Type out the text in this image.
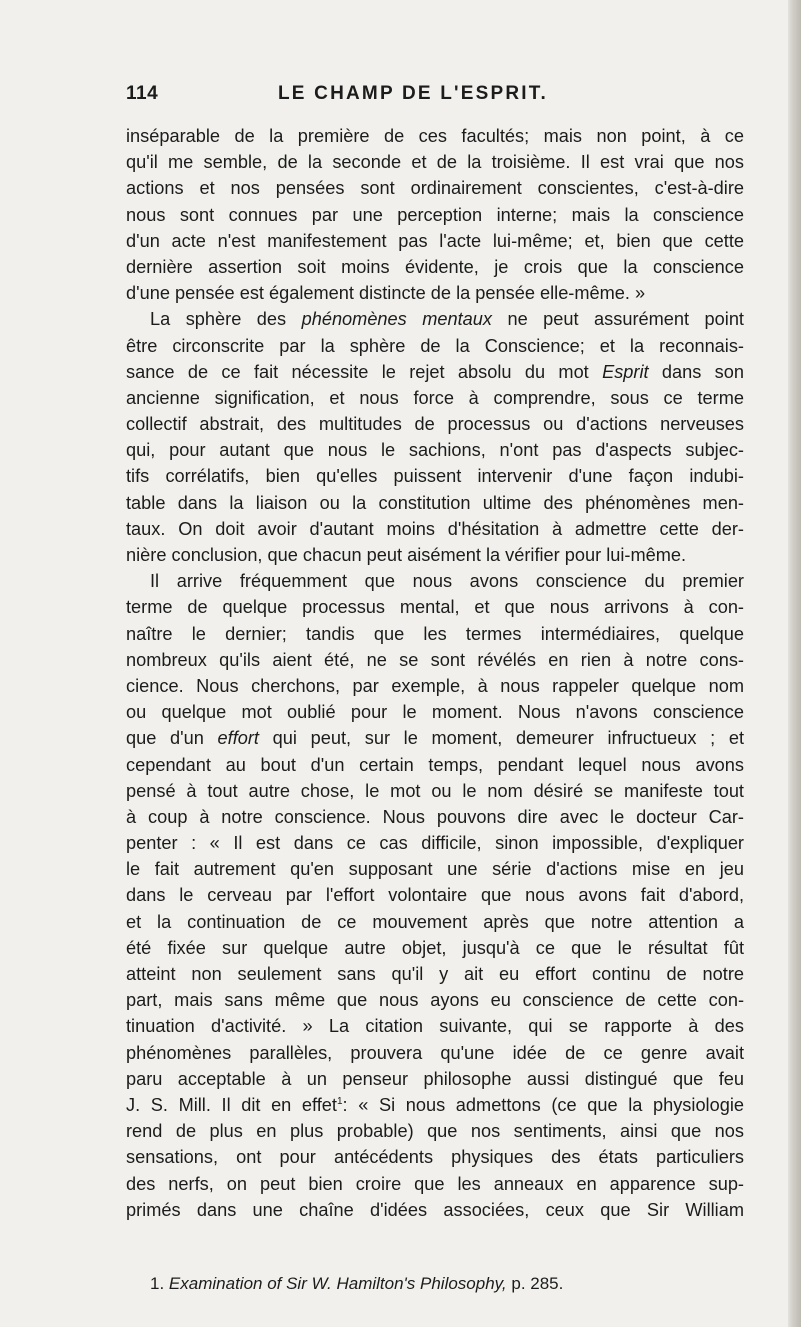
114	LE CHAMP DE L'ESPRIT.
inséparable de la première de ces facultés; mais non point, à ce
qu'il me semble, de la seconde et de la troisième. Il est vrai que nos
actions et nos pensées sont ordinairement conscientes, c'est-à-dire
nous sont connues par une perception interne; mais la conscience
d'un acte n'est manifestement pas l'acte lui-même; et, bien que cette
dernière assertion soit moins évidente, je crois que la conscience
d'une pensée est également distincte de la pensée elle-même. »
La sphère des phénomènes mentaux ne peut assurément point
être circonscrite par la sphère de la Conscience; et la reconnais-
sance de ce fait nécessite le rejet absolu du mot Esprit dans son
ancienne signification, et nous force à comprendre, sous ce terme
collectif abstrait, des multitudes de processus ou d'actions nerveuses
qui, pour autant que nous le sachions, n'ont pas d'aspects subjec-
tifs corrélatifs, bien qu'elles puissent intervenir d'une façon indubi-
table dans la liaison ou la constitution ultime des phénomènes men-
taux. On doit avoir d'autant moins d'hésitation à admettre cette der-
nière conclusion, que chacun peut aisément la vérifier pour lui-même.
Il arrive fréquemment que nous avons conscience du premier
terme de quelque processus mental, et que nous arrivons à con-
naître le dernier; tandis que les termes intermédiaires, quelque
nombreux qu'ils aient été, ne se sont révélés en rien à notre cons-
cience. Nous cherchons, par exemple, à nous rappeler quelque nom
ou quelque mot oublié pour le moment. Nous n'avons conscience
que d'un effort qui peut, sur le moment, demeurer infructueux ; et
cependant au bout d'un certain temps, pendant lequel nous avons
pensé à tout autre chose, le mot ou le nom désiré se manifeste tout
à coup à notre conscience. Nous pouvons dire avec le docteur Car-
penter : « Il est dans ce cas difficile, sinon impossible, d'expliquer
le fait autrement qu'en supposant une série d'actions mise en jeu
dans le cerveau par l'effort volontaire que nous avons fait d'abord,
et la continuation de ce mouvement après que notre attention a
été fixée sur quelque autre objet, jusqu'à ce que le résultat fût
atteint non seulement sans qu'il y ait eu effort continu de notre
part, mais sans même que nous ayons eu conscience de cette con-
tinuation d'activité. » La citation suivante, qui se rapporte à des
phénomènes parallèles, prouvera qu'une idée de ce genre avait
paru acceptable à un penseur philosophe aussi distingué que feu
J. S. Mill. Il dit en effet$^1$: « Si nous admettons (ce que la physiologie
rend de plus en plus probable) que nos sentiments, ainsi que nos
sensations, ont pour antécédents physiques des états particuliers
des nerfs, on peut bien croire que les anneaux en apparence sup-
primés dans une chaîne d'idées associées, ceux que Sir William
1. Examination of Sir W. Hamilton's Philosophy, p. 285.
